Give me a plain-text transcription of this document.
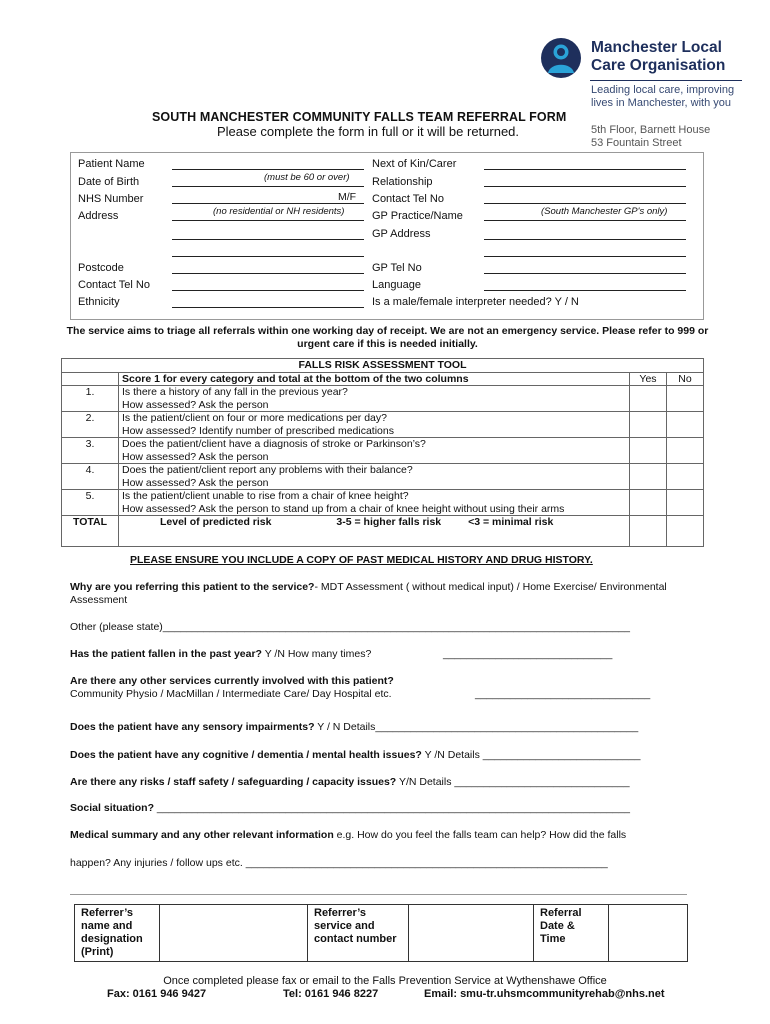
Manchester Local
Care Organisation
Leading local care, improving
lives in Manchester, with you
5th Floor, Barnett House
53 Fountain Street
SOUTH MANCHESTER COMMUNITY FALLS TEAM REFERRAL FORM
Please complete the form in full or it will be returned.
Patient Name
Date of Birth	(must be 60 or over)
NHS Number	M/F
Address	(no residential or NH residents)
Postcode
Contact Tel No
Ethnicity
Next of Kin/Carer
Relationship
Contact Tel No
GP Practice/Name	(South Manchester GP's only)
GP Address
GP Tel No
Language
Is a male/female interpreter needed? Y / N
The service aims to triage all referrals within one working day of receipt. We are not an emergency service. Please refer to 999 or urgent care if this is needed initially.
FALLS RISK ASSESSMENT TOOL			
	Score 1 for every category and total at the bottom of the two columns	Yes	No
1.	Is there a history of any fall in the previous year?
How assessed? Ask the person		

2.	Is the patient/client on four or more medications per day?
How assessed? Identify number of prescribed medications		

3.	Does the patient/client have a diagnosis of stroke or Parkinson’s?
How assessed? Ask the person		

4.	Does the patient/client report any problems with their balance?
How assessed? Ask the person		

5.	Is the patient/client unable to rise from a chair of knee height?
How assessed? Ask the person to stand up from a chair of knee height without using their arms		

TOTAL	Level of predicted risk 3-5 = higher falls risk <3 = minimal risk		
PLEASE ENSURE YOU INCLUDE A COPY OF PAST MEDICAL HISTORY AND DRUG HISTORY.
Why are you referring this patient to the service?- MDT Assessment ( without medical input) / Home Exercise/ Environmental Assessment
Other (please state)________________________________________________________________________________
Has the patient fallen in the past year? Y /N How many times?	_____________________________
Are there any other services currently involved with this patient?
Community Physio / MacMillan / Intermediate Care/ Day Hospital etc.	______________________________
Does the patient have any sensory impairments? Y / N Details_____________________________________________
Does the patient have any cognitive / dementia / mental health issues? Y /N Details ___________________________
Are there any risks / staff safety / safeguarding / capacity issues? Y/N Details ______________________________
Social situation? _________________________________________________________________________________
Medical summary and any other relevant information e.g. How do you feel the falls team can help? How did the falls
happen? Any injuries / follow ups etc. ______________________________________________________________
Referrer’s name and designation (Print)		Referrer’s service and contact number		Referral Date & Time	
Once completed please fax or email to the Falls Prevention Service at Wythenshawe Office
Fax: 0161 946 9427	Tel: 0161 946 8227	Email: smu-tr.uhsmcommunityrehab@nhs.net
